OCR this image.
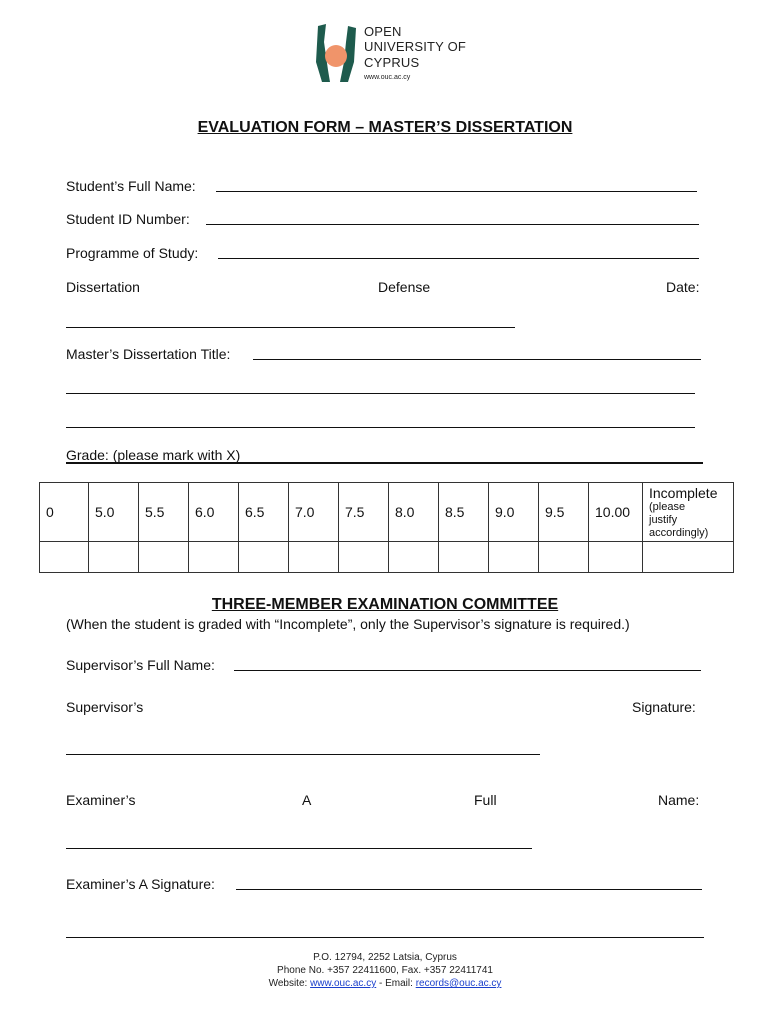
OPEN
UNIVERSITY OF
CYPRUS
www.ouc.ac.cy
EVALUATION FORM – MASTER’S DISSERTATION
Student’s Full Name:
Student ID Number:
Programme of Study:
Dissertation	Defense	Date:
Master’s Dissertation Title:
Grade: (please mark with X)
0	5.0	5.5	6.0	6.5	7.0	7.5	8.0	8.5	9.0	9.5	10.00	Incomplete
(please
justify
accordingly)

THREE-MEMBER EXAMINATION COMMITTEE
(When the student is graded with “Incomplete”, only the Supervisor’s signature is required.)
Supervisor’s Full Name:
Supervisor’s	Signature:
Examiner’s	A	Full	Name:
Examiner’s A Signature:
P.O. 12794, 2252 Latsia, Cyprus
Phone No. +357 22411600, Fax. +357 22411741
Website: www.ouc.ac.cy - Email: records@ouc.ac.cy
